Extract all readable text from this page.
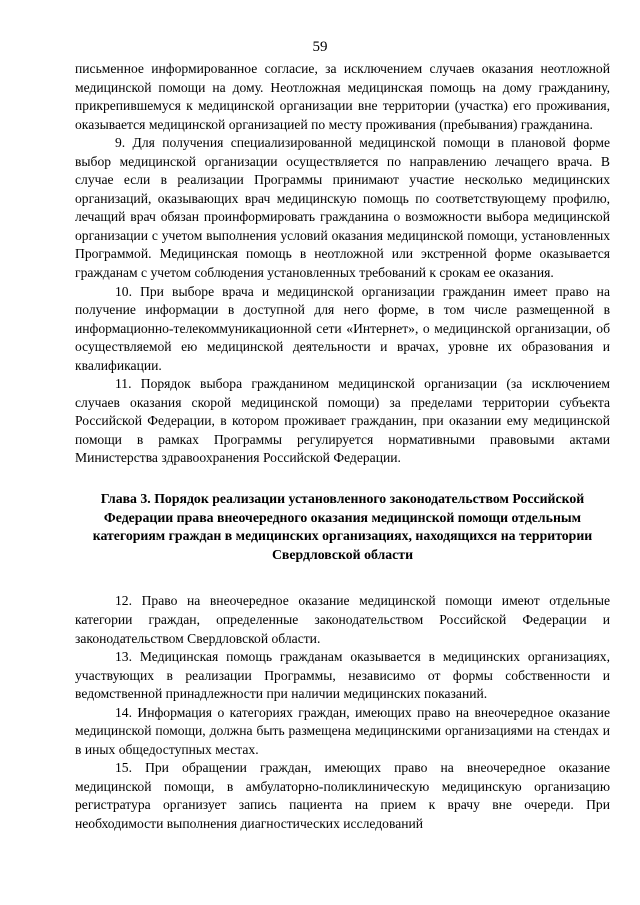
59

письменное информированное согласие, за исключением случаев оказания неотложной медицинской помощи на дому. Неотложная медицинская помощь на дому гражданину, прикрепившемуся к медицинской организации вне территории (участка) его проживания, оказывается медицинской организацией по месту проживания (пребывания) гражданина.

9. Для получения специализированной медицинской помощи в плановой форме выбор медицинской организации осуществляется по направлению лечащего врача. В случае если в реализации Программы принимают участие несколько медицинских организаций, оказывающих врач медицинскую помощь по соответствующему профилю, лечащий врач обязан проинформировать гражданина о возможности выбора медицинской организации с учетом выполнения условий оказания медицинской помощи, установленных Программой. Медицинская помощь в неотложной или экстренной форме оказывается гражданам с учетом соблюдения установленных требований к срокам ее оказания.

10. При выборе врача и медицинской организации гражданин имеет право на получение информации в доступной для него форме, в том числе размещенной в информационно-телекоммуникационной сети «Интернет», о медицинской организации, об осуществляемой ею медицинской деятельности и врачах, уровне их образования и квалификации.

11. Порядок выбора гражданином медицинской организации (за исключением случаев оказания скорой медицинской помощи) за пределами территории субъекта Российской Федерации, в котором проживает гражданин, при оказании ему медицинской помощи в рамках Программы регулируется нормативными правовыми актами Министерства здравоохранения Российской Федерации.

Глава 3. Порядок реализации установленного законодательством Российской Федерации права внеочередного оказания медицинской помощи отдельным категориям граждан в медицинских организациях, находящихся на территории Свердловской области

12. Право на внеочередное оказание медицинской помощи имеют отдельные категории граждан, определенные законодательством Российской Федерации и законодательством Свердловской области.

13. Медицинская помощь гражданам оказывается в медицинских организациях, участвующих в реализации Программы, независимо от формы собственности и ведомственной принадлежности при наличии медицинских показаний.

14. Информация о категориях граждан, имеющих право на внеочередное оказание медицинской помощи, должна быть размещена медицинскими организациями на стендах и в иных общедоступных местах.

15. При обращении граждан, имеющих право на внеочередное оказание медицинской помощи, в амбулаторно-поликлиническую медицинскую организацию регистратура организует запись пациента на прием к врачу вне очереди. При необходимости выполнения диагностических исследований
